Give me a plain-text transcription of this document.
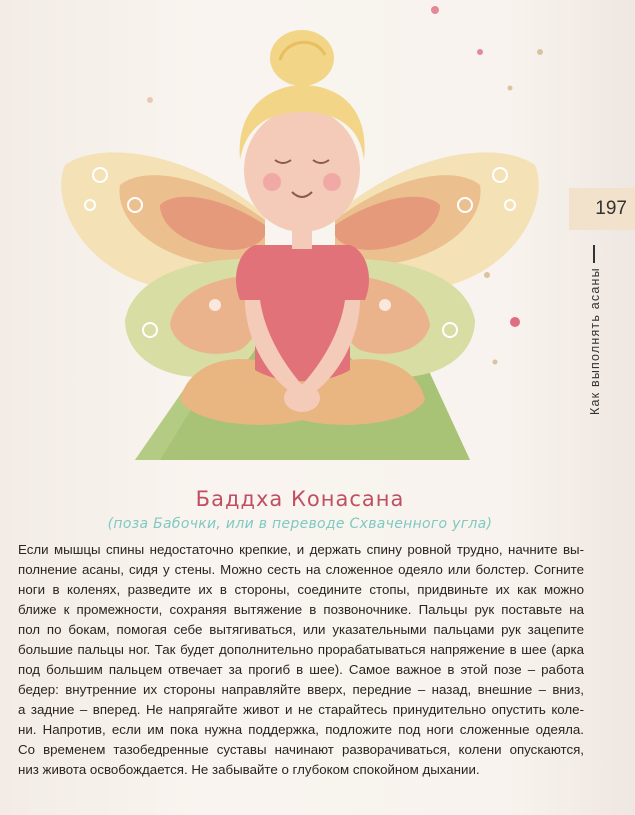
197
Как выполнять асаны
Баддха Конасана
(поза Бабочки, или в переводе Схваченного угла)
Если мышцы спины недостаточно крепкие, и держать спину ровной трудно, начните вы-
полнение асаны, сидя у стены. Можно сесть на сложенное одеяло или болстер. Согните
ноги в коленях, разведите их в стороны, соедините стопы, придвиньте их как можно
ближе к промежности, сохраняя вытяжение в позвоночнике. Пальцы рук поставьте на
пол по бокам, помогая себе вытягиваться, или указательными пальцами рук зацепите
большие пальцы ног. Так будет дополнительно прорабатываться напряжение в шее (арка
под большим пальцем отвечает за прогиб в шее). Самое важное в этой позе – работа
бедер: внутренние их стороны направляйте вверх, передние – назад, внешние – вниз,
а задние – вперед. Не напрягайте живот и не старайтесь принудительно опустить коле-
ни. Напротив, если им пока нужна поддержка, подложите под ноги сложенные одеяла.
Со временем тазобедренные суставы начинают разворачиваться, колени опускаются,
низ живота освобождается. Не забывайте о глубоком спокойном дыхании.
